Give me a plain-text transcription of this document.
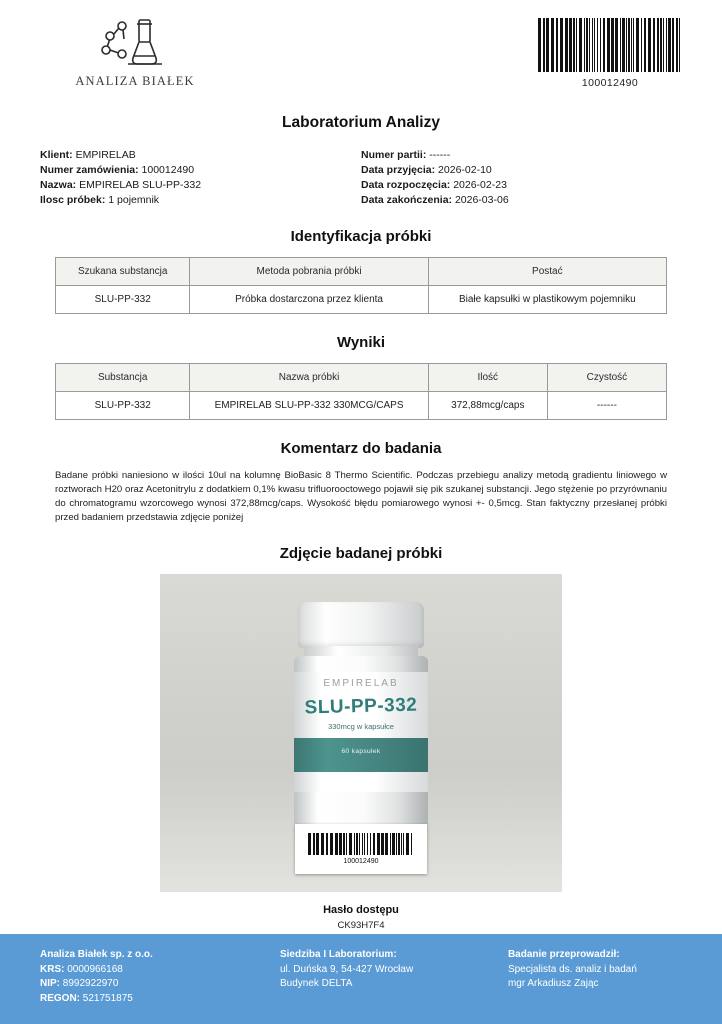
ANALIZA BIAŁEK	100012490
Laboratorium Analizy
Klient: EMPIRELAB
Numer zamówienia: 100012490
Nazwa: EMPIRELAB SLU-PP-332
Ilosc próbek: 1 pojemnik
Numer partii: ------
Data przyjęcia: 2026-02-10
Data rozpoczęcia: 2026-02-23
Data zakończenia: 2026-03-06
Identyfikacja próbki
Szukana substancja	Metoda pobrania próbki	Postać
SLU-PP-332	Próbka dostarczona przez klienta	Białe kapsułki w plastikowym pojemniku
Wyniki
Substancja	Nazwa próbki	Ilość	Czystość
SLU-PP-332	EMPIRELAB SLU-PP-332 330MCG/CAPS	372,88mcg/caps	------
Komentarz do badania
Badane próbki naniesiono w ilości 10ul na kolumnę BioBasic 8 Thermo Scientific. Podczas przebiegu analizy metodą gradientu liniowego w roztworach H20 oraz Acetonitrylu z dodatkiem 0,1% kwasu trifluorooctowego pojawił się pik szukanej substancji. Jego stężenie po przyrównaniu do chromatogramu wzorcowego wynosi 372,88mcg/caps. Wysokość błędu pomiarowego wynosi +- 0,5mcg. Stan faktyczny przesłanej próbki przed badaniem przedstawia zdjęcie poniżej
Zdjęcie badanej próbki
EMPIRELAB
SLU-PP-332
330mcg w kapsułce
60 kapsułek
100012490
Hasło dostępu
CK93H7F4
Analiza Białek sp. z o.o.
KRS: 0000966168
NIP: 8992922970
REGON: 521751875
Siedziba I Laboratorium:
ul. Duńska 9, 54-427 Wrocław
Budynek DELTA
Badanie przeprowadził:
Specjalista ds. analiz i badań
mgr Arkadiusz Zając
